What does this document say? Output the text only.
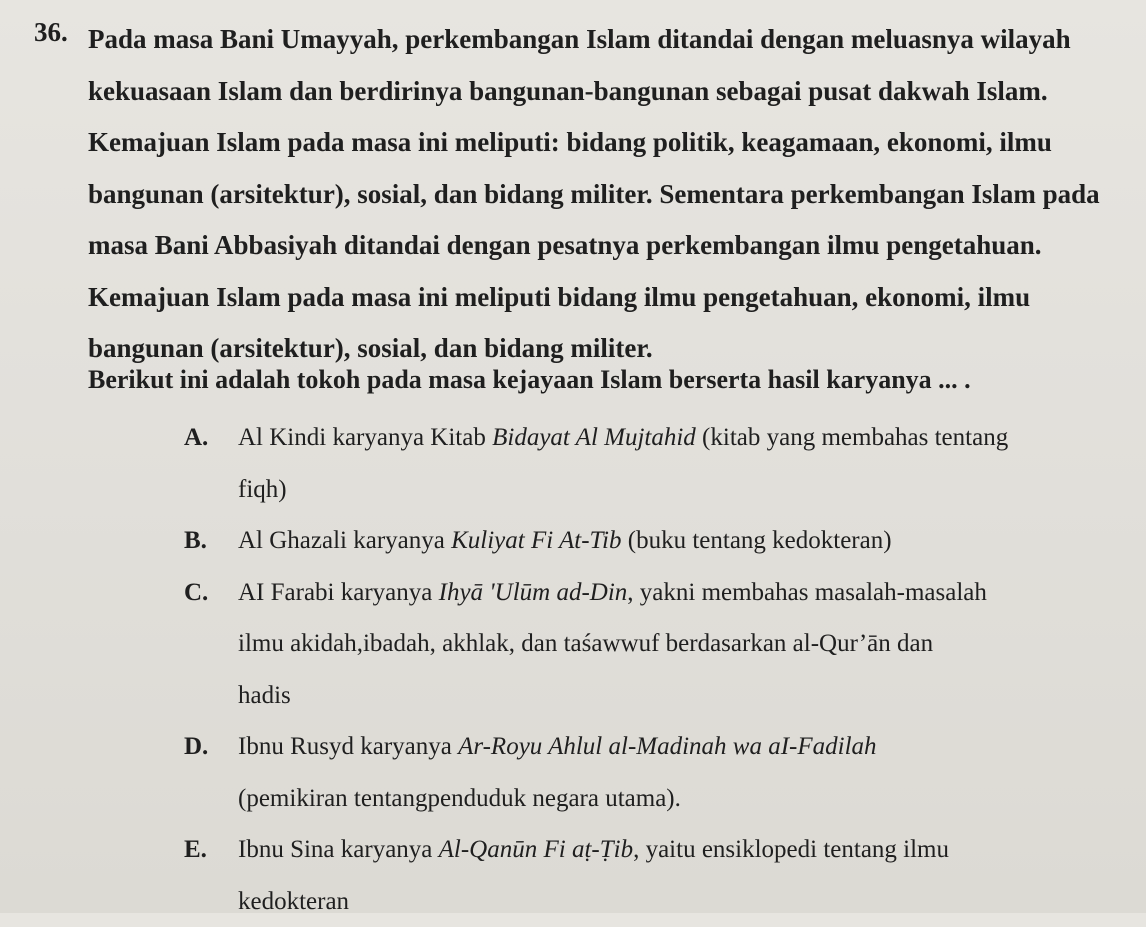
36. Pada masa Bani Umayyah, perkembangan Islam ditandai dengan meluasnya wilayah

kekuasaan Islam dan berdirinya bangunan-bangunan sebagai pusat dakwah Islam.

Kemajuan Islam pada masa ini meliputi: bidang politik, keagamaan, ekonomi, ilmu

bangunan (arsitektur), sosial, dan bidang militer. Sementara perkembangan Islam pada

masa Bani Abbasiyah ditandai dengan pesatnya perkembangan ilmu pengetahuan.

Kemajuan Islam pada masa ini meliputi bidang ilmu pengetahuan, ekonomi, ilmu

bangunan (arsitektur), sosial, dan bidang militer.

Berikut ini adalah tokoh pada masa kejayaan Islam berserta hasil karyanya ... .
A. Al Kindi karyanya Kitab Bidayat Al Mujtahid (kitab yang membahas tentang
fiqh)
B. Al Ghazali karyanya Kuliyat Fi At-Tib (buku tentang kedokteran)
C. AI Farabi karyanya Ihyā 'Ulūm ad-Din, yakni membahas masalah-masalah
ilmu akidah,ibadah, akhlak, dan taśawwuf berdasarkan al-Qur’ān dan
hadis
D. Ibnu Rusyd karyanya Ar-Royu Ahlul al-Madinah wa aI-Fadilah
(pemikiran tentangpenduduk negara utama).
E. Ibnu Sina karyanya Al-Qanūn Fi aṭ-Ṭib, yaitu ensiklopedi tentang ilmu
kedokteran
